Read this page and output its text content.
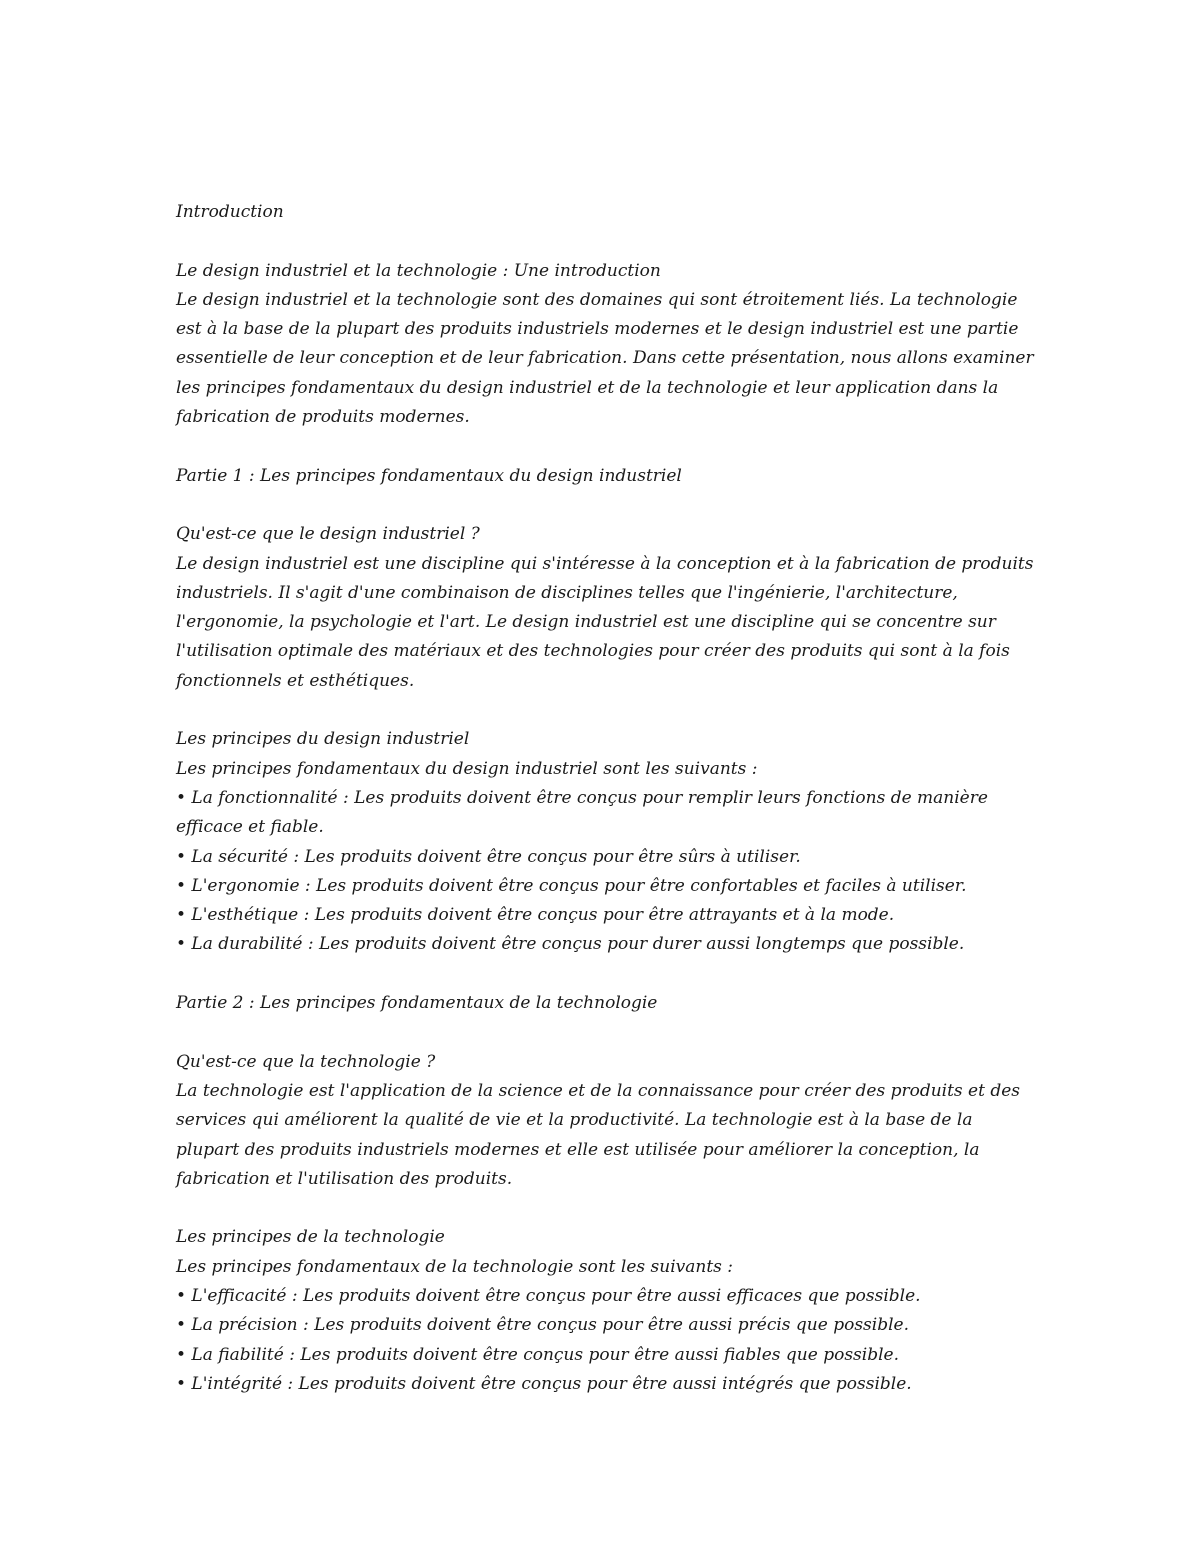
Introduction

Le design industriel et la technologie : Une introduction

Le design industriel et la technologie sont des domaines qui sont étroitement liés. La technologie est à la base de la plupart des produits industriels modernes et le design industriel est une partie essentielle de leur conception et de leur fabrication. Dans cette présentation, nous allons examiner les principes fondamentaux du design industriel et de la technologie et leur application dans la fabrication de produits modernes.

Partie 1 : Les principes fondamentaux du design industriel

Qu'est-ce que le design industriel ?

Le design industriel est une discipline qui s'intéresse à la conception et à la fabrication de produits industriels. Il s'agit d'une combinaison de disciplines telles que l'ingénierie, l'architecture, l'ergonomie, la psychologie et l'art. Le design industriel est une discipline qui se concentre sur l'utilisation optimale des matériaux et des technologies pour créer des produits qui sont à la fois fonctionnels et esthétiques.

Les principes du design industriel

Les principes fondamentaux du design industriel sont les suivants :

• La fonctionnalité : Les produits doivent être conçus pour remplir leurs fonctions de manière efficace et fiable.
• La sécurité : Les produits doivent être conçus pour être sûrs à utiliser.
• L'ergonomie : Les produits doivent être conçus pour être confortables et faciles à utiliser.
• L'esthétique : Les produits doivent être conçus pour être attrayants et à la mode.
• La durabilité : Les produits doivent être conçus pour durer aussi longtemps que possible.

Partie 2 : Les principes fondamentaux de la technologie

Qu'est-ce que la technologie ?

La technologie est l'application de la science et de la connaissance pour créer des produits et des services qui améliorent la qualité de vie et la productivité. La technologie est à la base de la plupart des produits industriels modernes et elle est utilisée pour améliorer la conception, la fabrication et l'utilisation des produits.

Les principes de la technologie

Les principes fondamentaux de la technologie sont les suivants :

• L'efficacité : Les produits doivent être conçus pour être aussi efficaces que possible.
• La précision : Les produits doivent être conçus pour être aussi précis que possible.
• La fiabilité : Les produits doivent être conçus pour être aussi fiables que possible.
• L'intégrité : Les produits doivent être conçus pour être aussi intégrés que possible.
